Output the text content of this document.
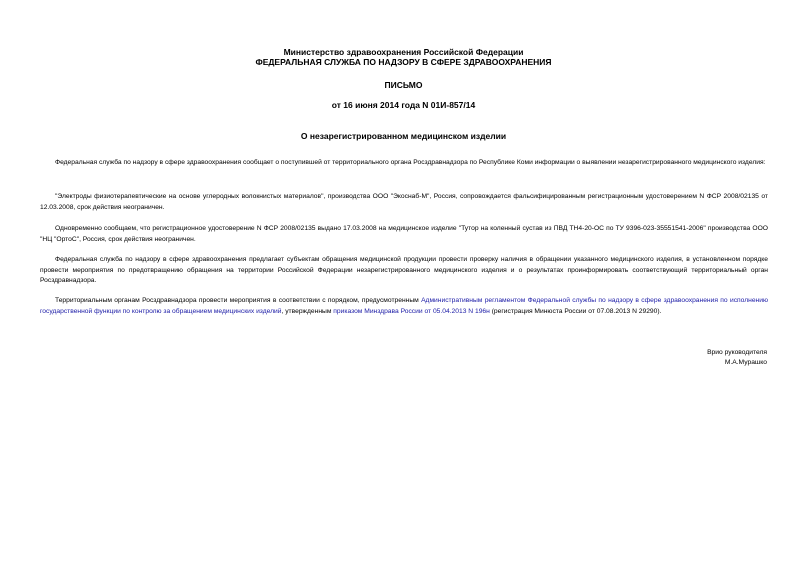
Министерство здравоохранения Российской Федерации
ФЕДЕРАЛЬНАЯ СЛУЖБА ПО НАДЗОРУ В СФЕРЕ ЗДРАВООХРАНЕНИЯ
ПИСЬМО
от 16 июня 2014 года N 01И-857/14
О незарегистрированном медицинском изделии
Федеральная служба по надзору в сфере здравоохранения сообщает о поступившей от территориального органа Росздравнадзора по Республике Коми информации о выявлении незарегистрированного медицинского изделия:
"Электроды физиотерапевтические на основе углеродных волокнистых материалов", производства ООО "Экоснаб-М", Россия, сопровождается фальсифицированным регистрационным удостоверением N ФСР 2008/02135 от 12.03.2008, срок действия неограничен.
Одновременно сообщаем, что регистрационное удостоверение N ФСР 2008/02135 выдано 17.03.2008 на медицинское изделие "Тутор на коленный сустав из ПВД ТН4-20-ОС по ТУ 9396-023-35551541-2006" производства ООО "НЦ "ОртоС", Россия, срок действия неограничен.
Федеральная служба по надзору в сфере здравоохранения предлагает субъектам обращения медицинской продукции провести проверку наличия в обращении указанного медицинского изделия, в установленном порядке провести мероприятия по предотвращению обращения на территории Российской Федерации незарегистрированного медицинского изделия и о результатах проинформировать соответствующий территориальный орган Росздравнадзора.
Территориальным органам Росздравнадзора провести мероприятия в соответствии с порядком, предусмотренным Административным регламентом Федеральной службы по надзору в сфере здравоохранения по исполнению государственной функции по контролю за обращением медицинских изделий, утвержденным приказом Минздрава России от 05.04.2013 N 196н (регистрация Минюста России от 07.08.2013 N 29290).
Врио руководителя
М.А.Мурашко
